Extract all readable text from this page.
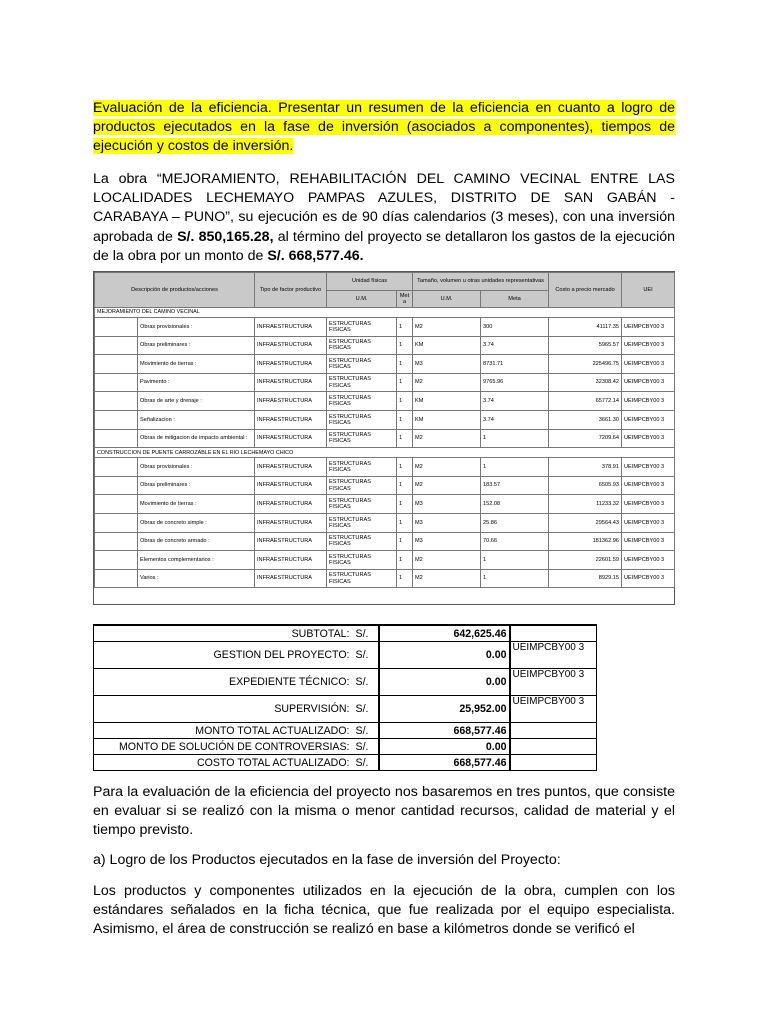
Evaluación de la eficiencia. Presentar un resumen de la eficiencia en cuanto a logro de productos ejecutados en la fase de inversión (asociados a componentes), tiempos de ejecución y costos de inversión.

La obra “MEJORAMIENTO, REHABILITACIÓN DEL CAMINO VECINAL ENTRE LAS LOCALIDADES LECHEMAYO PAMPAS AZULES, DISTRITO DE SAN GABÁN - CARABAYA – PUNO”, su ejecución es de 90 días calendarios (3 meses), con una inversión aprobada de S/. 850,165.28, al término del proyecto se detallaron los gastos de la ejecución de la obra por un monto de S/. 668,577.46.

Descripción de productos/acciones		Tipo de factor productivo	Unidad físicas		Tamaño, volumen u otras unidades representativas		Costo a precio mercado	UEI
			U.M.	Met a	U.M.	Meta		
MEJORAMIENTO DEL CAMINO VECINAL								
	Obras provisionales :	INFRAESTRUCTURA	ESTRUCTURAS FISICAS	1	M2	300	41117.35	UEIMPCBY00 3
	Obras preliminares :	INFRAESTRUCTURA	ESTRUCTURAS FISICAS	1	KM	3.74	5965.57	UEIMPCBY00 3
	Movimiento de tierras :	INFRAESTRUCTURA	ESTRUCTURAS FISICAS	1	M3	8731.71	225496.75	UEIMPCBY00 3
	Pavimento :	INFRAESTRUCTURA	ESTRUCTURAS FISICAS	1	M2	9765.96	32308.42	UEIMPCBY00 3
	Obras de arte y drenaje :	INFRAESTRUCTURA	ESTRUCTURAS FISICAS	1	KM	3.74	65772.14	UEIMPCBY00 3
	Señalizacion :	INFRAESTRUCTURA	ESTRUCTURAS FISICAS	1	KM	3.74	3661.30	UEIMPCBY00 3
	Obras de mitigacion de impacto ambiental :	INFRAESTRUCTURA	ESTRUCTURAS FISICAS	1	M2	1	7209.64	UEIMPCBY00 3
CONSTRUCCION DE PUENTE CARROZABLE EN EL RIO LECHEMAYO CHICO								
	Obras provisionales :	INFRAESTRUCTURA	ESTRUCTURAS FISICAS	1	M2	1	378.91	UEIMPCBY00 3
	Obras preliminares :	INFRAESTRUCTURA	ESTRUCTURAS FISICAS	1	M2	183.57	6505.93	UEIMPCBY00 3
	Movimiento de tierras :	INFRAESTRUCTURA	ESTRUCTURAS FISICAS	1	M3	152.08	11233.32	UEIMPCBY00 3
	Obras de concreto simple :	INFRAESTRUCTURA	ESTRUCTURAS FISICAS	1	M3	25.86	29564.43	UEIMPCBY00 3
	Obras de concreto armado :	INFRAESTRUCTURA	ESTRUCTURAS FISICAS	1	M3	70.66	181362.96	UEIMPCBY00 3
	Elementos complementarios :	INFRAESTRUCTURA	ESTRUCTURAS FISICAS	1	M2	1	22601.59	UEIMPCBY00 3
	Varios :	INFRAESTRUCTURA	ESTRUCTURAS FISICAS	1	M2	1	8929.15	UEIMPCBY00 3
SUBTOTAL:	S/.	642,625.46	
GESTION DEL PROYECTO:	S/.	0.00	UEIMPCBY00 3
EXPEDIENTE TÉCNICO:	S/.	0.00	UEIMPCBY00 3
SUPERVISIÓN:	S/.	25,952.00	UEIMPCBY00 3
MONTO TOTAL ACTUALIZADO:	S/.	668,577.46	
MONTO DE SOLUCIÓN DE CONTROVERSIAS:	S/.	0.00	
COSTO TOTAL ACTUALIZADO:	S/.	668,577.46	

Para la evaluación de la eficiencia del proyecto nos basaremos en tres puntos, que consiste en evaluar si se realizó con la misma o menor cantidad recursos, calidad de material y el tiempo previsto.

a) Logro de los Productos ejecutados en la fase de inversión del Proyecto:

Los productos y componentes utilizados en la ejecución de la obra, cumplen con los estándares señalados en la ficha técnica, que fue realizada por el equipo especialista. Asimismo, el área de construcción se realizó en base a kilómetros donde se verificó el
